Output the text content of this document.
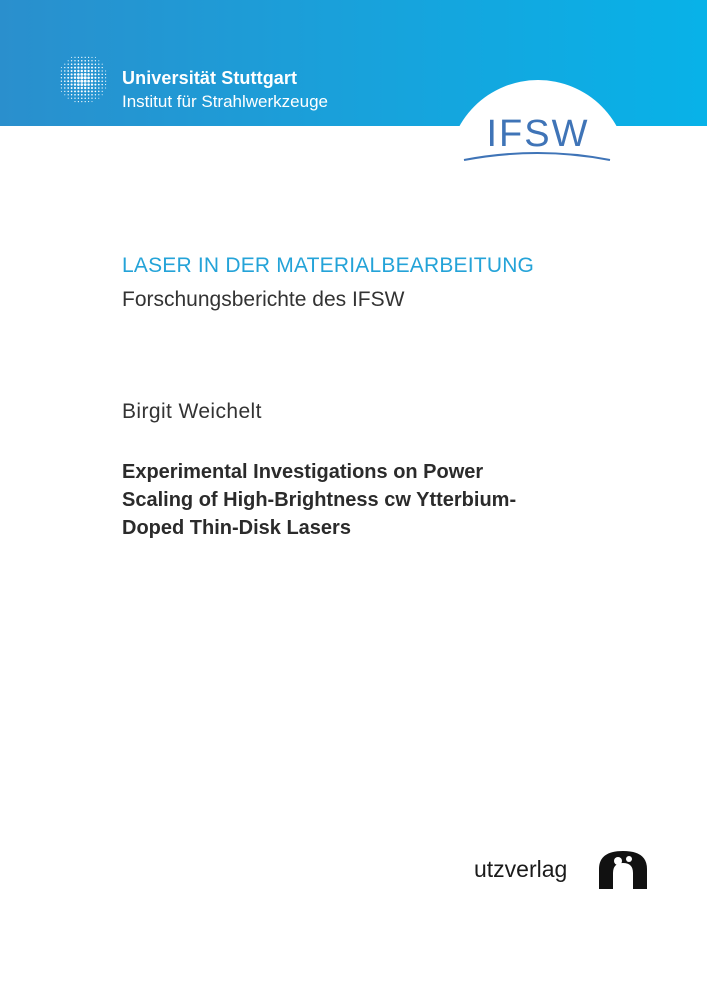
Universität Stuttgart
Institut für Strahlwerkzeuge
IFSW
LASER IN DER MATERIALBEARBEITUNG
Forschungsberichte des IFSW
Birgit Weichelt
Experimental Investigations on Power
Scaling of High-Brightness cw Ytterbium-
Doped Thin-Disk Lasers
utzverlag
